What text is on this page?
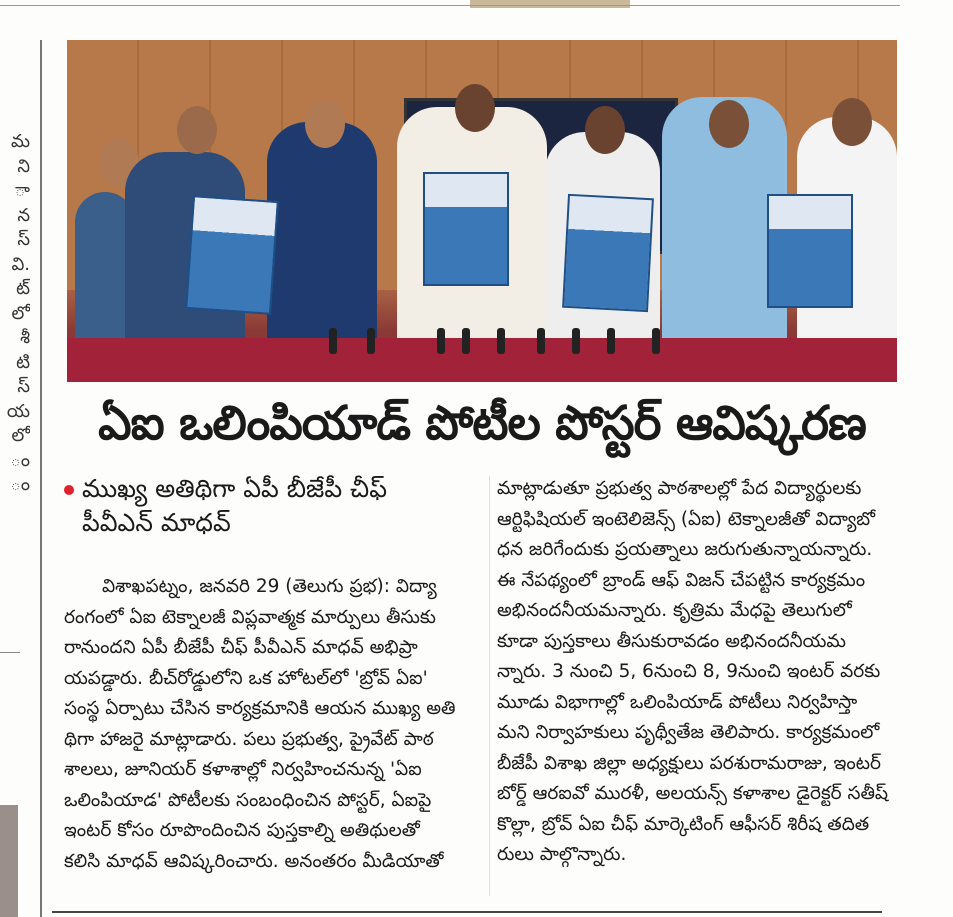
మ
ని
ా
న
స్
వి.
ట్
లో
శీ
టి
స్
య
లో
ం
ం
ఏఐ ఒలింపియాడ్ పోటీల పోస్టర్ ఆవిష్కరణ
ముఖ్య అతిథిగా ఏపీ బీజేపీ చీఫ్
పీవీఎన్ మాధవ్
విశాఖపట్నం, జనవరి 29 (తెలుగు ప్రభ): విద్యా
రంగంలో ఏఐ టెక్నాలజీ విప్లవాత్మక మార్పులు తీసుకు
రానుందని ఏపీ బీజేపీ చీఫ్ పీవీఎన్ మాధవ్ అభిప్రా
యపడ్డారు. బీచ్‌రోడ్డులోని ఒక హోటల్‌లో 'బ్రోవ్ ఏఐ'
సంస్థ ఏర్పాటు చేసిన కార్యక్రమానికి ఆయన ముఖ్య అతి
థిగా హాజరై మాట్లాడారు. పలు ప్రభుత్వ, ప్రైవేట్ పాఠ
శాలలు, జూనియర్ కళాశాల్లో నిర్వహించనున్న 'ఏఐ
ఒలింపియాడ' పోటీలకు సంబంధించిన పోస్టర్, ఏఐపై
ఇంటర్ కోసం రూపొందించిన పుస్తకాల్ని అతిథులతో
కలిసి మాధవ్ ఆవిష్కరించారు. అనంతరం మీడియాతో
మాట్లాడుతూ ప్రభుత్వ పాఠశాలల్లో పేద విద్యార్థులకు
ఆర్టిఫిషియల్ ఇంటెలిజెన్స్ (ఏఐ) టెక్నాలజీతో విద్యాబో
ధన జరిగేందుకు ప్రయత్నాలు జరుగుతున్నాయన్నారు.
ఈ నేపథ్యంలో బ్రాండ్ ఆఫ్ విజన్ చేపట్టిన కార్యక్రమం
అభినందనీయమన్నారు. కృత్రిమ మేధపై తెలుగులో
కూడా పుస్తకాలు తీసుకురావడం అభినందనీయమ
న్నారు. 3 నుంచి 5, 6నుంచి 8, 9నుంచి ఇంటర్ వరకు
మూడు విభాగాల్లో ఒలింపియాడ్ పోటీలు నిర్వహిస్తా
మని నిర్వాహకులు పృథ్వీతేజ తెలిపారు. కార్యక్రమంలో
బీజేపీ విశాఖ జిల్లా అధ్యక్షులు పరశురామరాజు, ఇంటర్
బోర్డ్ ఆరఐవో మురళీ, అలయన్స్ కళాశాల డైరెక్టర్ సతీష్
కొల్లా, బ్రోవ్ ఏఐ చీఫ్ మార్కెటింగ్ ఆఫీసర్ శిరీష తదిత
రులు పాల్గొన్నారు.
